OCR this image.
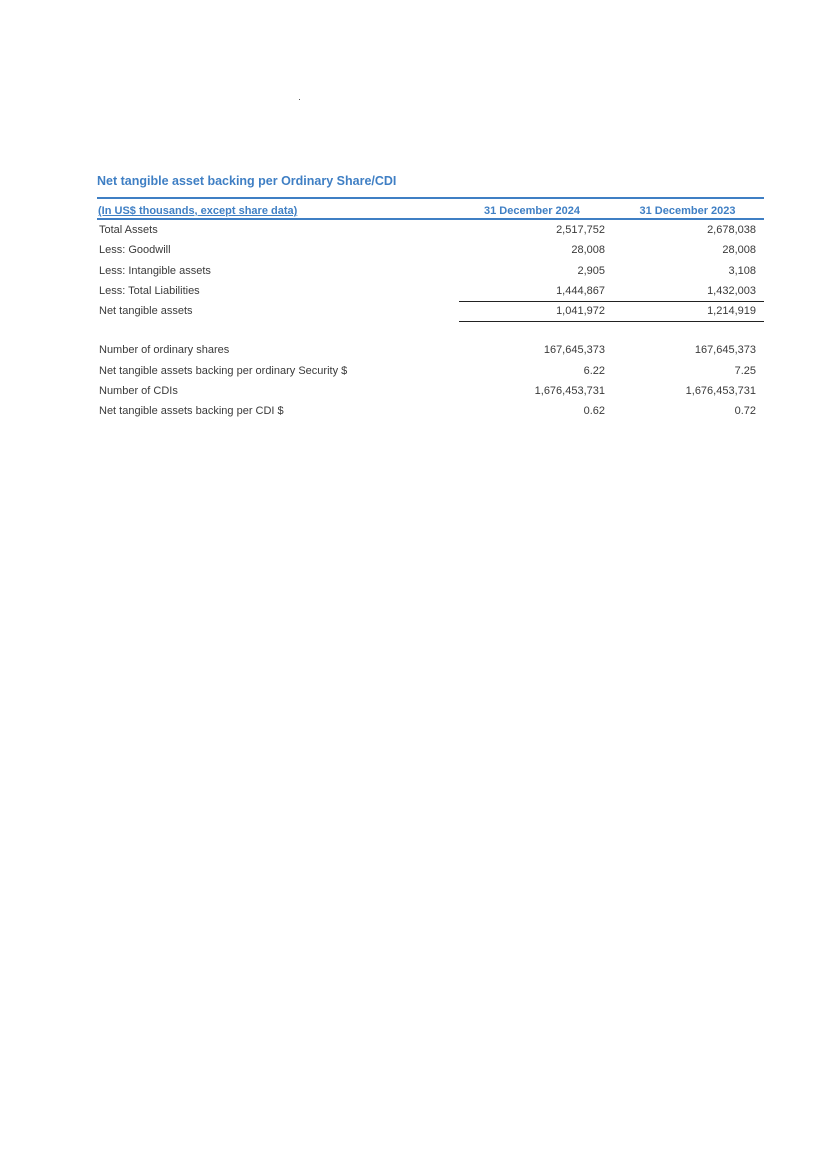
Net tangible asset backing per Ordinary Share/CDI
(In US$ thousands, except share data)	31 December 2024	31 December 2023
Total Assets	2,517,752	2,678,038
Less: Goodwill	28,008	28,008
Less: Intangible assets	2,905	3,108
Less: Total Liabilities	1,444,867	1,432,003
Net tangible assets	1,041,972	1,214,919
Number of ordinary shares	167,645,373	167,645,373
Net tangible assets backing per ordinary Security $	6.22	7.25
Number of CDIs	1,676,453,731	1,676,453,731
Net tangible assets backing per CDI $	0.62	0.72
